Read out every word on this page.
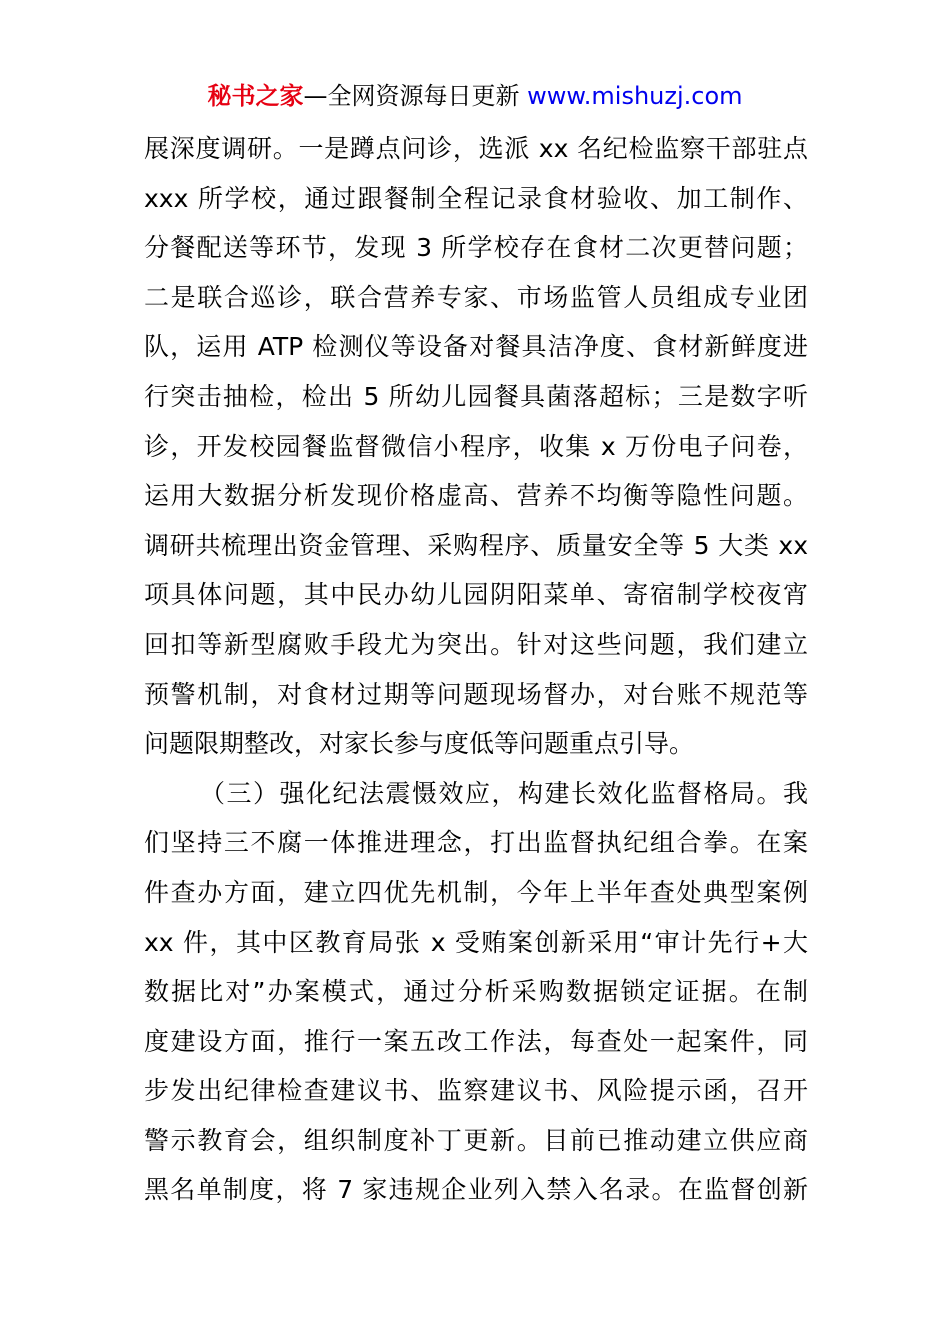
秘书之家—全网资源每日更新 www.mishuzj.com
展深度调研。一是蹲点问诊，选派 xx 名纪检监察干部驻点
xxx 所学校，通过跟餐制全程记录食材验收、加工制作、
分餐配送等环节，发现 3 所学校存在食材二次更替问题；
二是联合巡诊，联合营养专家、市场监管人员组成专业团
队，运用 ATP 检测仪等设备对餐具洁净度、食材新鲜度进
行突击抽检，检出 5 所幼儿园餐具菌落超标；三是数字听
诊，开发校园餐监督微信小程序，收集 x 万份电子问卷，
运用大数据分析发现价格虚高、营养不均衡等隐性问题。
调研共梳理出资金管理、采购程序、质量安全等 5 大类 xx
项具体问题，其中民办幼儿园阴阳菜单、寄宿制学校夜宵
回扣等新型腐败手段尤为突出。针对这些问题，我们建立
预警机制，对食材过期等问题现场督办，对台账不规范等
问题限期整改，对家长参与度低等问题重点引导。
（三）强化纪法震慑效应，构建长效化监督格局。我
们坚持三不腐一体推进理念，打出监督执纪组合拳。在案
件查办方面，建立四优先机制，今年上半年查处典型案例
xx 件，其中区教育局张 x 受贿案创新采用“审计先行+大
数据比对”办案模式，通过分析采购数据锁定证据。在制
度建设方面，推行一案五改工作法，每查处一起案件，同
步发出纪律检查建议书、监察建议书、风险提示函，召开
警示教育会，组织制度补丁更新。目前已推动建立供应商
黑名单制度，将 7 家违规企业列入禁入名录。在监督创新
